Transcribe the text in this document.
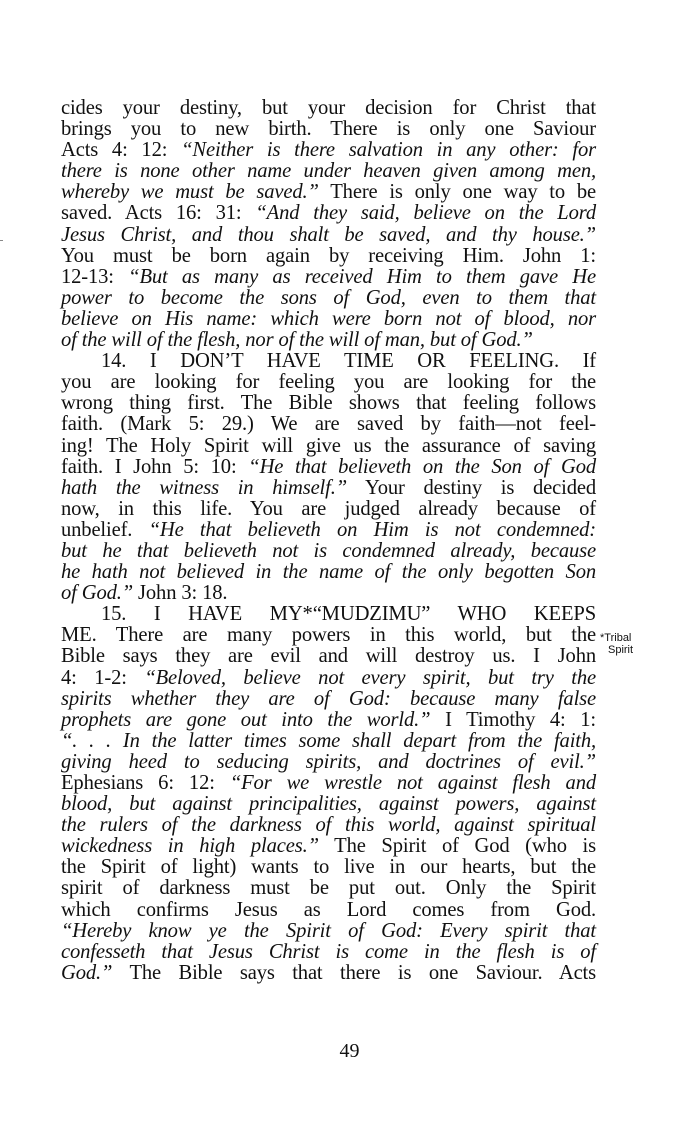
cides your destiny, but your decision for Christ that
brings you to new birth. There is only one Saviour
Acts 4: 12: “Neither is there salvation in any other: for
there is none other name under heaven given among men,
whereby we must be saved.” There is only one way to be
saved. Acts 16: 31: “And they said, believe on the Lord
Jesus Christ, and thou shalt be saved, and thy house.”
You must be born again by receiving Him. John 1:
12-13: “But as many as received Him to them gave He
power to become the sons of God, even to them that
believe on His name: which were born not of blood, nor
of the will of the flesh, nor of the will of man, but of God.”
14. I DON’T HAVE TIME OR FEELING. If
you are looking for feeling you are looking for the
wrong thing first. The Bible shows that feeling follows
faith. (Mark 5: 29.) We are saved by faith—not feel-
ing! The Holy Spirit will give us the assurance of saving
faith. I John 5: 10: “He that believeth on the Son of God
hath the witness in himself.” Your destiny is decided
now, in this life. You are judged already because of
unbelief. “He that believeth on Him is not condemned:
but he that believeth not is condemned already, because
he hath not believed in the name of the only begotten Son
of God.” John 3: 18.
15. I HAVE MY*“MUDZIMU” WHO KEEPS
ME. There are many powers in this world, but the
Bible says they are evil and will destroy us. I John
4: 1-2: “Beloved, believe not every spirit, but try the
spirits whether they are of God: because many false
prophets are gone out into the world.” I Timothy 4: 1:
“. . . In the latter times some shall depart from the faith,
giving heed to seducing spirits, and doctrines of evil.”
Ephesians 6: 12: “For we wrestle not against flesh and
blood, but against principalities, against powers, against
the rulers of the darkness of this world, against spiritual
wickedness in high places.” The Spirit of God (who is
the Spirit of light) wants to live in our hearts, but the
spirit of darkness must be put out. Only the Spirit
which confirms Jesus as Lord comes from God.
“Hereby know ye the Spirit of God: Every spirit that
confesseth that Jesus Christ is come in the flesh is of
God.” The Bible says that there is one Saviour. Acts
*Tribal
Spirit
49
